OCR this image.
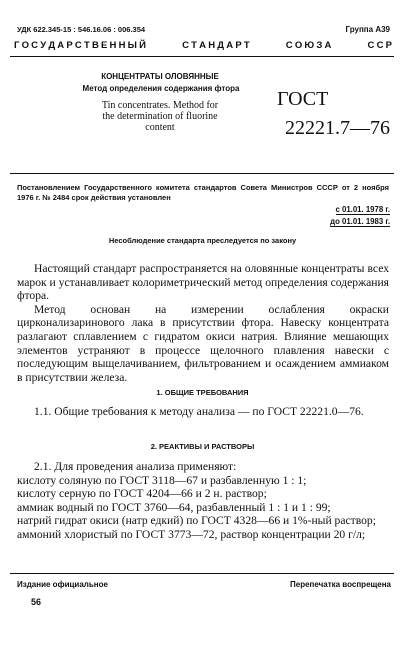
УДК 622.345-15 : 546.16.06 : 006.354	Группа А39
Г О С У Д А Р С Т В Е Н Н Ы Й	С Т А Н Д А Р Т	С О Ю З А	С С Р
КОНЦЕНТРАТЫ ОЛОВЯННЫЕ
Метод определения содержания фтора
Tin concentrates. Method for
the determination of fluorine
content
ГОСТ
22221.7—76
Постановлением Государственного комитета стандартов Совета Министров СССР от 2 ноября 1976 г. № 2484 срок действия установлен
с 01.01. 1978 г.
до 01.01. 1983 г.
Несоблюдение стандарта преследуется по закону

Настоящий стандарт распространяется на оловянные концентраты всех марок и устанавливает колориметрический метод определения содержания фтора.

Метод основан на измерении ослабления окраски цирконализаринового лака в присутствии фтора. Навеску концентрата разлагают сплавлением с гидратом окиси натрия. Влияние мешающих элементов устраняют в процессе щелочного плавления навески с последующим выщелачиванием, фильтрованием и осаждением аммиаком в присутствии железа.

1. ОБЩИЕ ТРЕБОВАНИЯ

1.1. Общие требования к методу анализа — по ГОСТ 22221.0—76.

2. РЕАКТИВЫ И РАСТВОРЫ

2.1. Для проведения анализа применяют:

кислоту соляную по ГОСТ 3118—67 и разбавленную 1 : 1;

кислоту серную по ГОСТ 4204—66 и 2 н. раствор;

аммиак водный по ГОСТ 3760—64, разбавленный 1 : 1 и 1 : 99;

натрий гидрат окиси (натр едкий) по ГОСТ 4328—66 и 1%-ный раствор;

аммоний хлористый по ГОСТ 3773—72, раствор концентрации 20 г/л;

Издание официальное	Перепечатка воспрещена
56
